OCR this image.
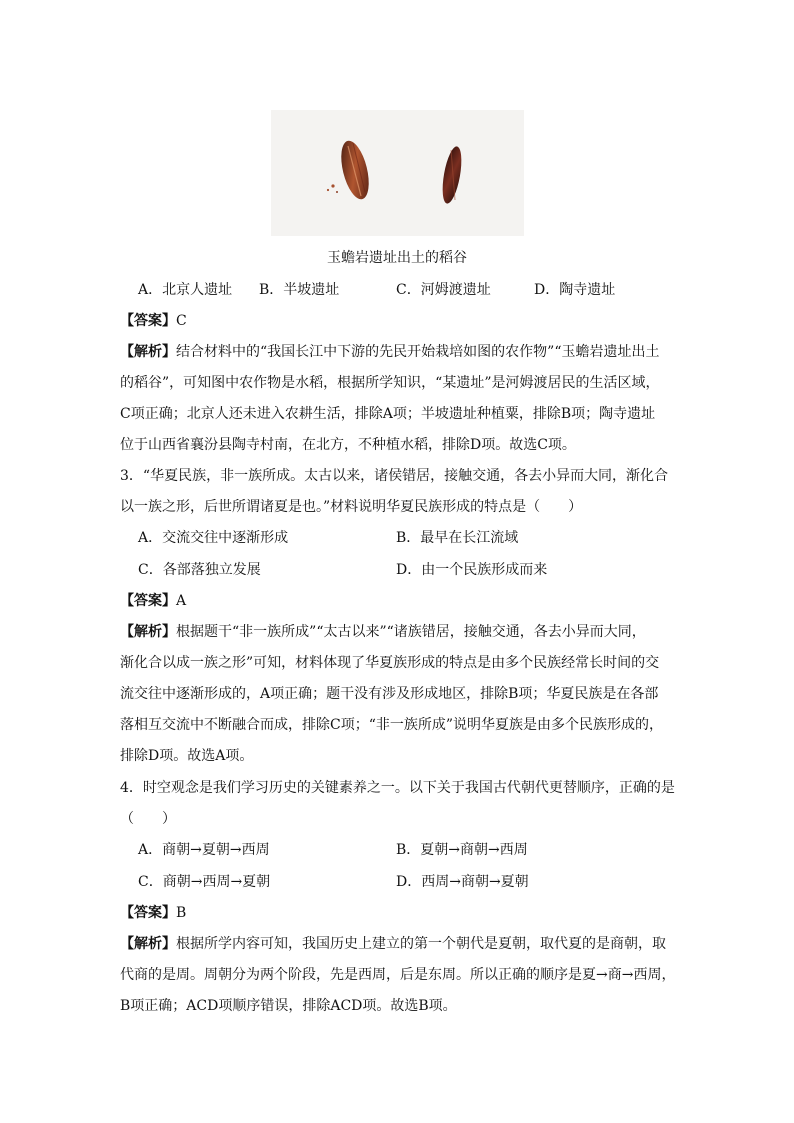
玉蟾岩遗址出土的稻谷
A．北京人遗址 B．半坡遗址	C．河姆渡遗址	D．陶寺遗址
【答案】C
【解析】结合材料中的“我国长江中下游的先民开始栽培如图的农作物”“玉蟾岩遗址出土
的稻谷”，可知图中农作物是水稻，根据所学知识，“某遗址”是河姆渡居民的生活区域，
C项正确；北京人还未进入农耕生活，排除A项；半坡遗址种植粟，排除B项；陶寺遗址
位于山西省襄汾县陶寺村南，在北方，不种植水稻，排除D项。故选C项。
3．“华夏民族，非一族所成。太古以来，诸侯错居，接触交通，各去小异而大同，渐化合
以一族之形，后世所谓诸夏是也。”材料说明华夏民族形成的特点是（　　）
A．交流交往中逐渐形成	B．最早在长江流域
C．各部落独立发展	D．由一个民族形成而来
【答案】A
【解析】根据题干“非一族所成”“太古以来”“诸族错居，接触交通，各去小异而大同，
渐化合以成一族之形”可知，材料体现了华夏族形成的特点是由多个民族经常长时间的交
流交往中逐渐形成的，A项正确；题干没有涉及形成地区，排除B项；华夏民族是在各部
落相互交流中不断融合而成，排除C项；“非一族所成”说明华夏族是由多个民族形成的，
排除D项。故选A项。
4．时空观念是我们学习历史的关键素养之一。以下关于我国古代朝代更替顺序，正确的是
（　　）
A．商朝→夏朝→西周	B．夏朝→商朝→西周
C．商朝→西周→夏朝	D．西周→商朝→夏朝
【答案】B
【解析】根据所学内容可知，我国历史上建立的第一个朝代是夏朝，取代夏的是商朝，取
代商的是周。周朝分为两个阶段，先是西周，后是东周。所以正确的顺序是夏→商→西周，
B项正确；ACD项顺序错误，排除ACD项。故选B项。
